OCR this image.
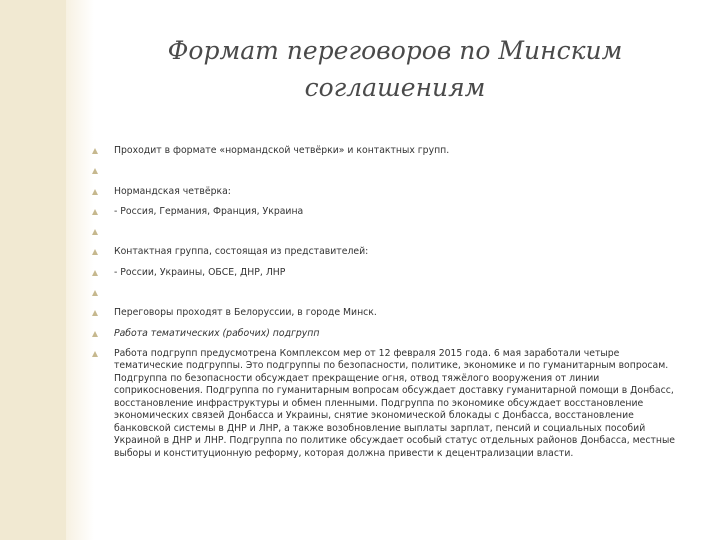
Формат переговоров по Минским соглашениям
Проходит в формате «нормандской четвёрки» и контактных групп.
Нормандская четвёрка:
- Россия, Германия, Франция, Украина
Контактная группа, состоящая из представителей:
- России, Украины, ОБСЕ, ДНР, ЛНР
Переговоры проходят в Белоруссии, в городе Минск.
Работа тематических (рабочих) подгрупп
Работа подгрупп предусмотрена Комплексом мер от 12 февраля 2015 года. 6 мая заработали четыре тематические подгруппы. Это подгруппы по безопасности, политике, экономике и по гуманитарным вопросам. Подгруппа по безопасности обсуждает прекращение огня, отвод тяжёлого вооружения от линии соприкосновения. Подгруппа по гуманитарным вопросам обсуждает доставку гуманитарной помощи в Донбасс, восстановление инфраструктуры и обмен пленными. Подгруппа по экономике обсуждает восстановление экономических связей Донбасса и Украины, снятие экономической блокады с Донбасса, восстановление банковской системы в ДНР и ЛНР, а также возобновление выплаты зарплат, пенсий и социальных пособий Украиной в ДНР и ЛНР. Подгруппа по политике обсуждает особый статус отдельных районов Донбасса, местные выборы и конституционную реформу, которая должна привести к децентрализации власти.
